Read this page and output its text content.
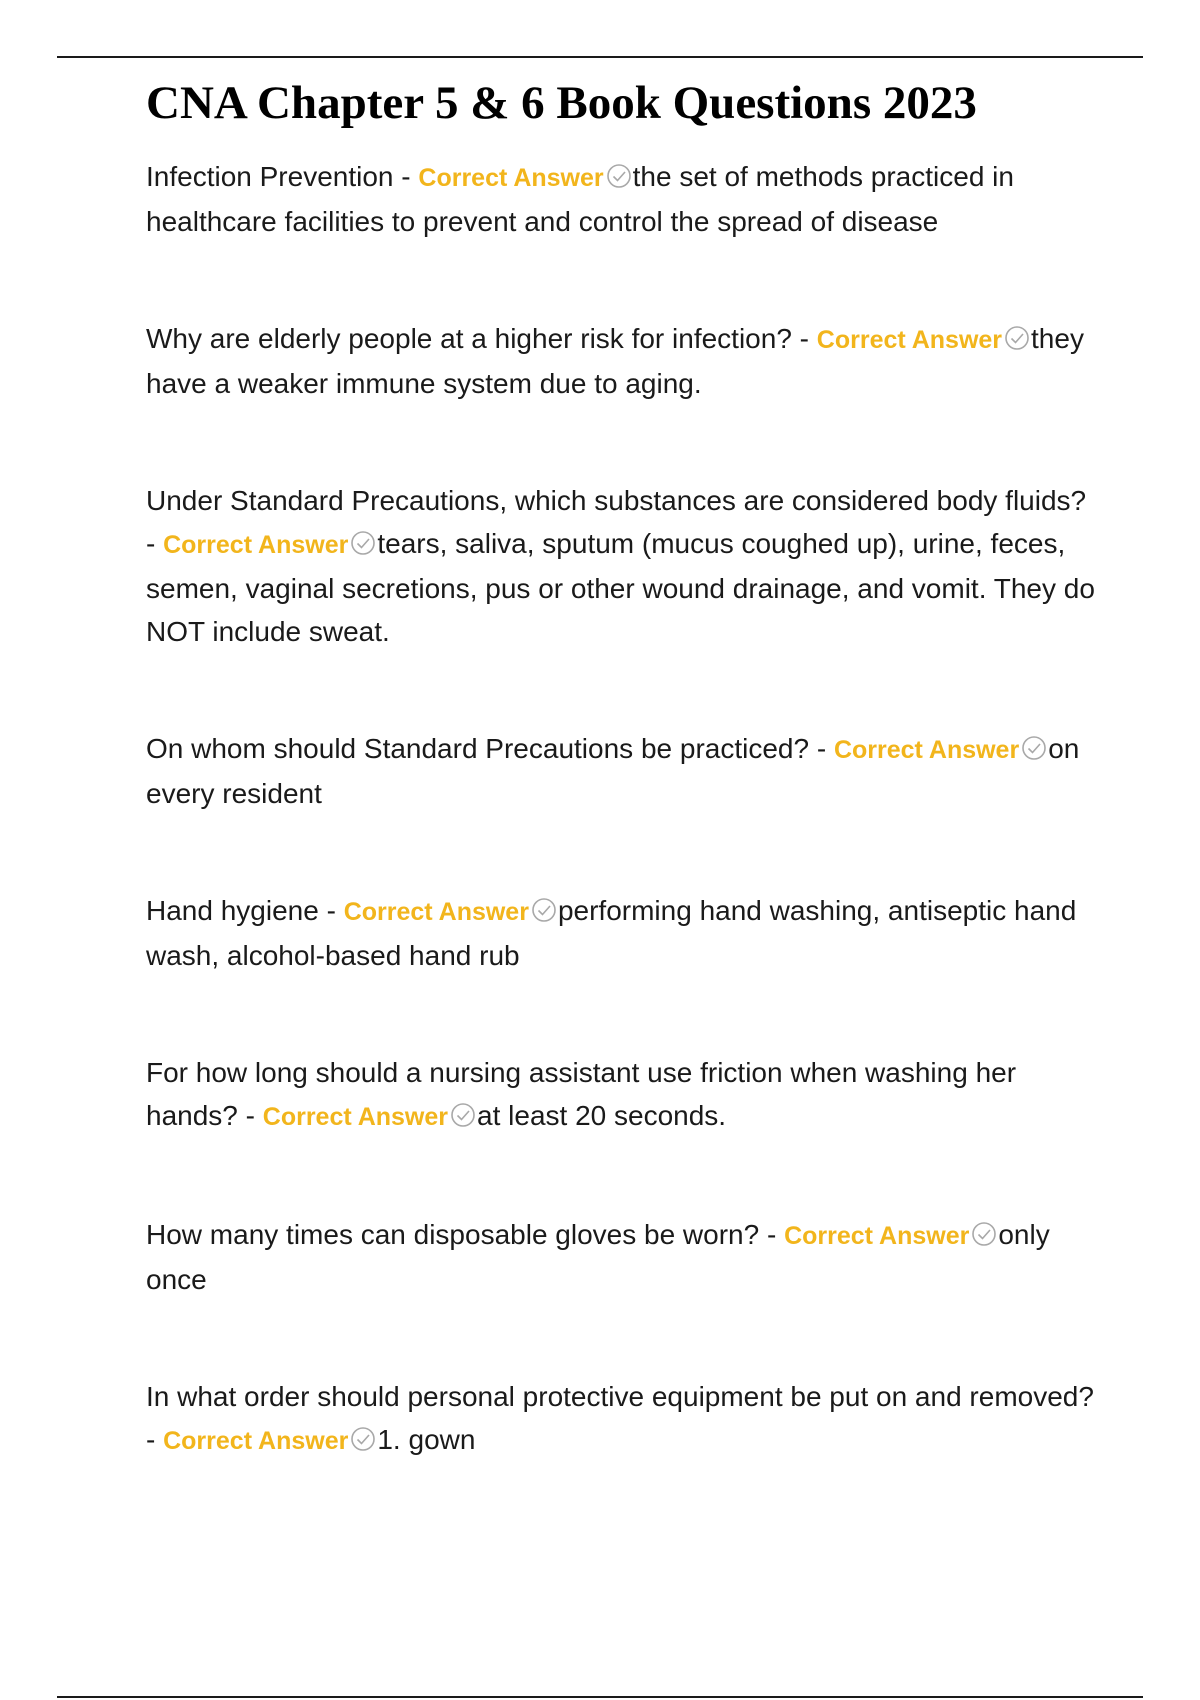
CNA Chapter 5 & 6 Book Questions 2023
Infection Prevention - Correct Answer the set of methods practiced in healthcare facilities to prevent and control the spread of disease
Why are elderly people at a higher risk for infection? - Correct Answer they have a weaker immune system due to aging.
Under Standard Precautions, which substances are considered body fluids? - Correct Answer tears, saliva, sputum (mucus coughed up), urine, feces, semen, vaginal secretions, pus or other wound drainage, and vomit. They do NOT include sweat.
On whom should Standard Precautions be practiced? - Correct Answer on every resident
Hand hygiene - Correct Answer performing hand washing, antiseptic hand wash, alcohol-based hand rub
For how long should a nursing assistant use friction when washing her hands? - Correct Answer at least 20 seconds.
How many times can disposable gloves be worn? - Correct Answer only once
In what order should personal protective equipment be put on and removed? - Correct Answer 1. gown
